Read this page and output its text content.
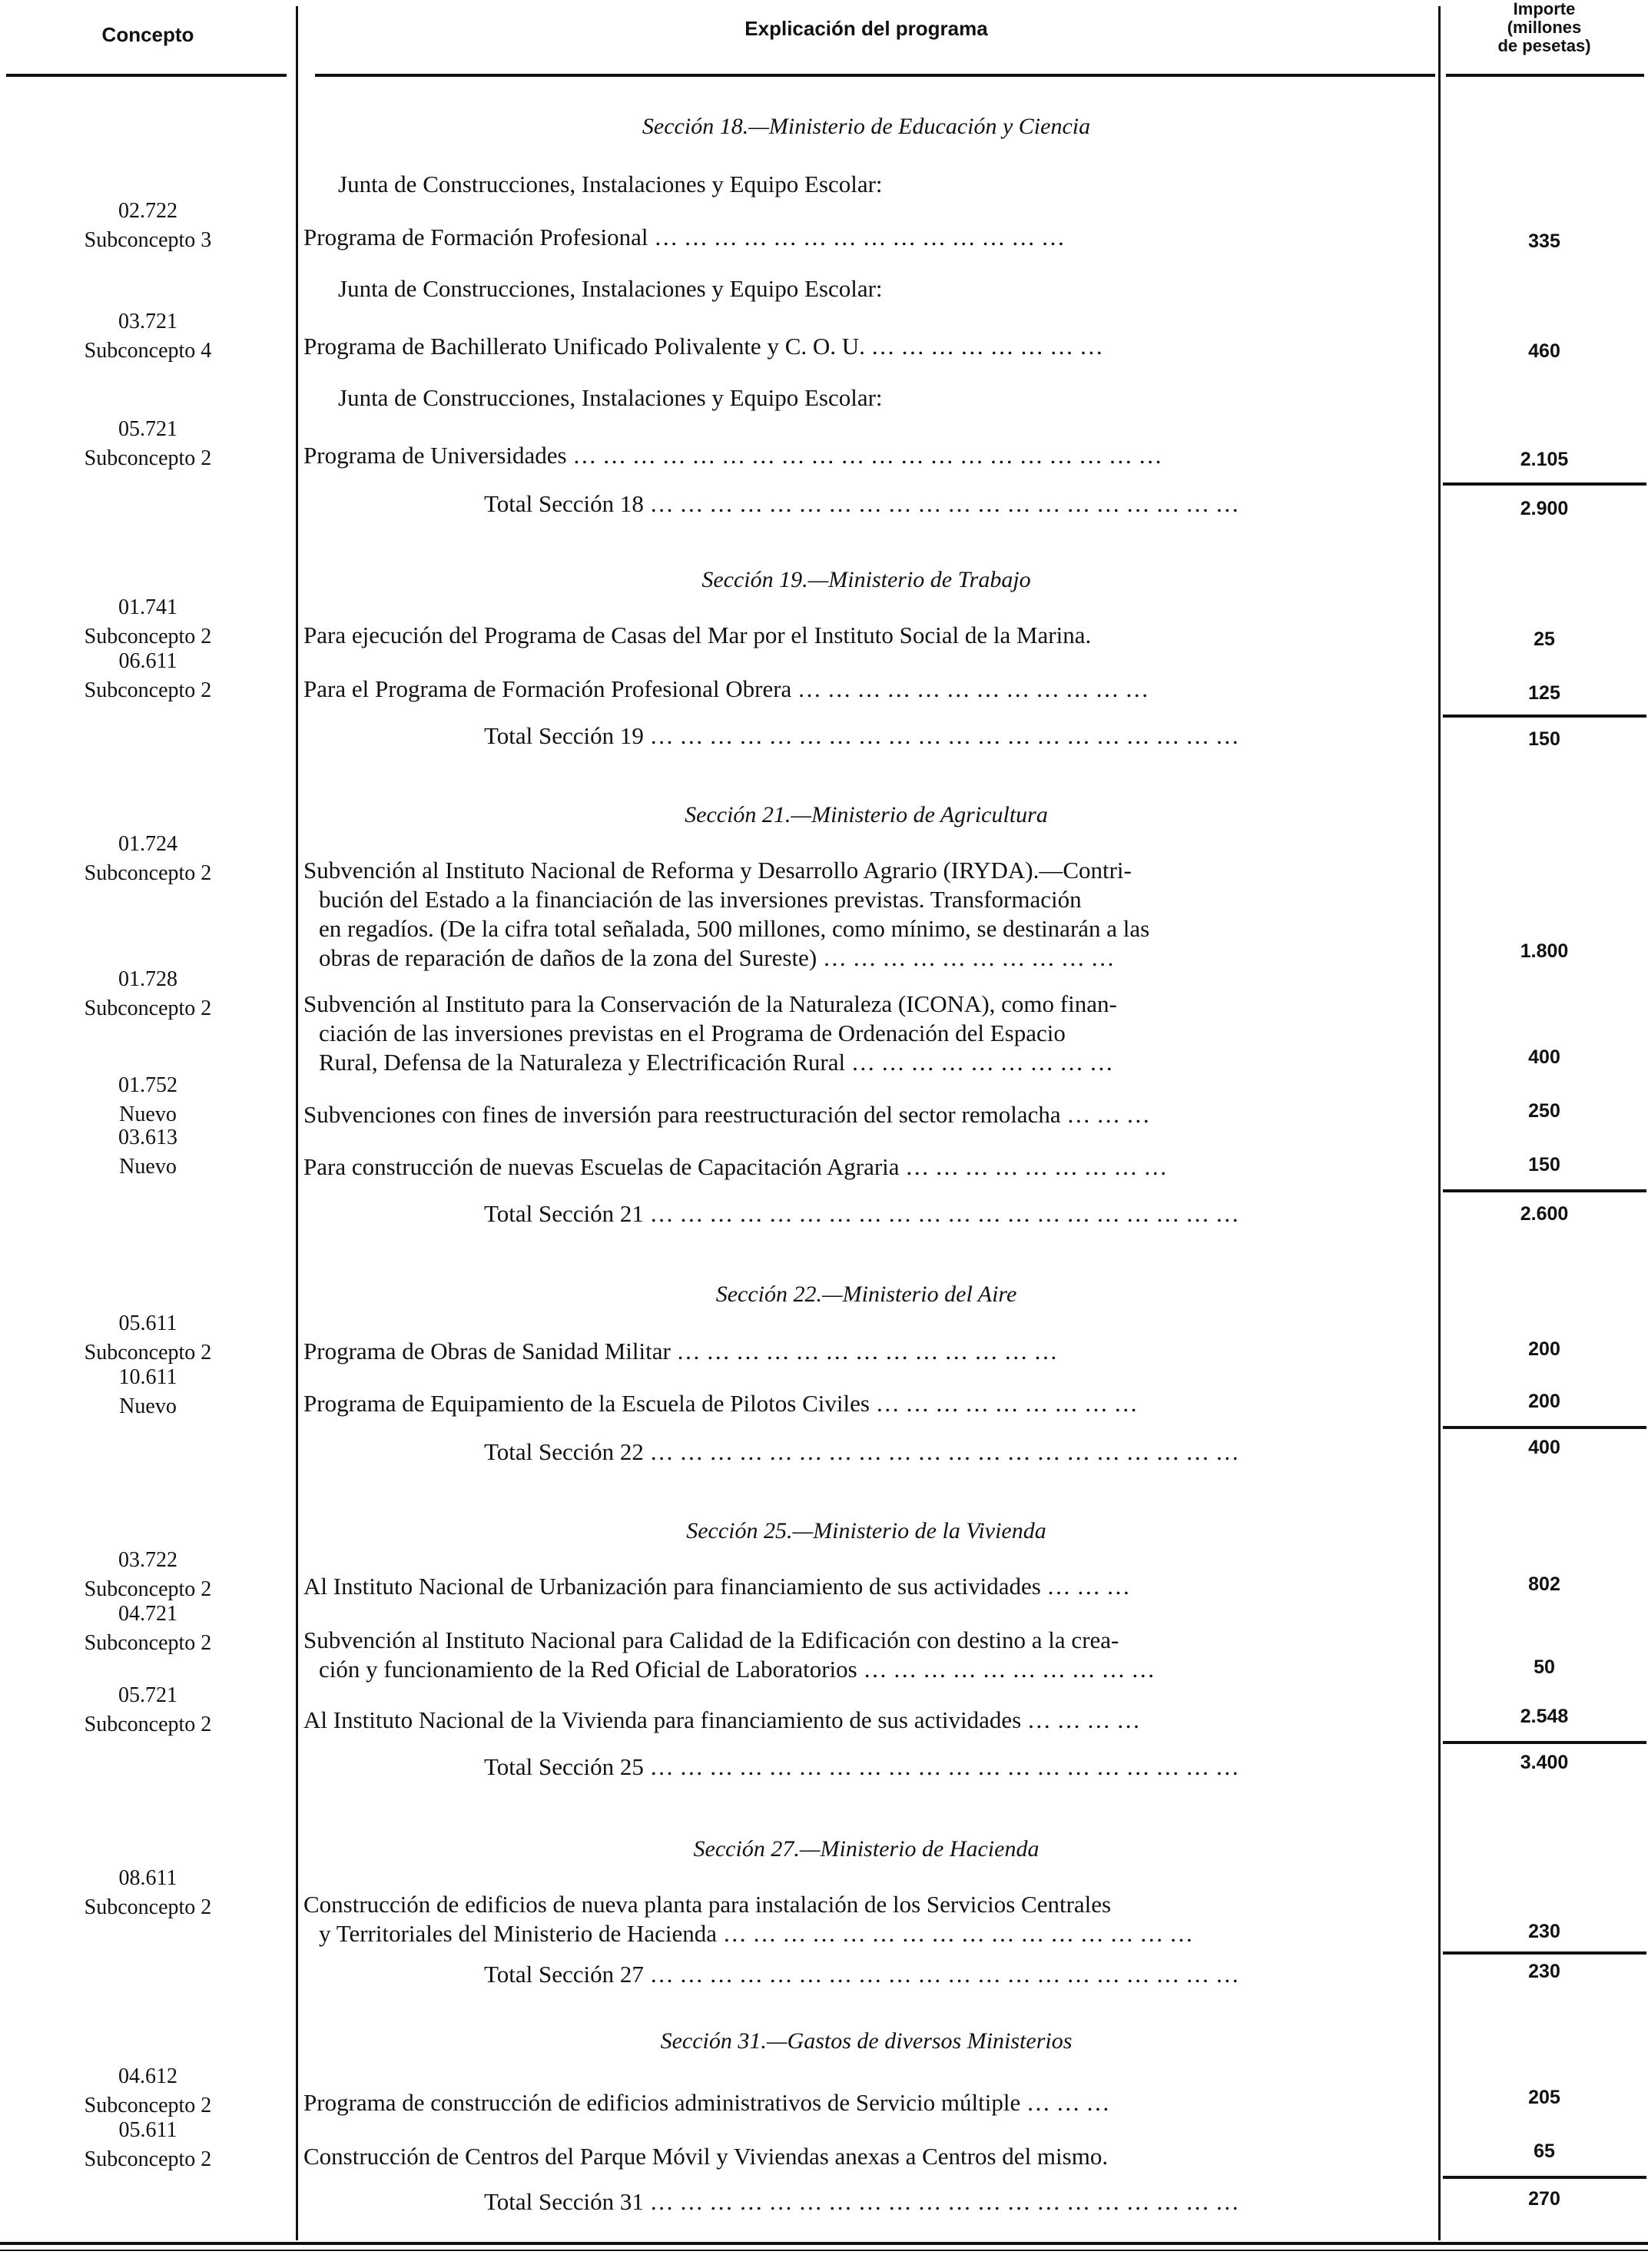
Concepto	Explicación del programa
Importe
(millones
de pesetas)
Sección 18.—Ministerio de Educación y Ciencia
Junta de Construcciones, Instalaciones y Equipo Escolar:
02.722
Subconcepto 3	Programa de Formación Profesional … … … … … … … … … … … … … …	335
Junta de Construcciones, Instalaciones y Equipo Escolar:
03.721
Subconcepto 4	Programa de Bachillerato Unificado Polivalente y C. O. U. … … … … … … … …	460
Junta de Construcciones, Instalaciones y Equipo Escolar:
05.721
Subconcepto 2	Programa de Universidades … … … … … … … … … … … … … … … … … … … …	2.105
Total Sección 18 … … … … … … … … … … … … … … … … … … … …	2.900
Sección 19.—Ministerio de Trabajo
01.741
Subconcepto 2	Para ejecución del Programa de Casas del Mar por el Instituto Social de la Marina.	25
06.611
Subconcepto 2	Para el Programa de Formación Profesional Obrera … … … … … … … … … … … …	125
Total Sección 19 … … … … … … … … … … … … … … … … … … … …	150
Sección 21.—Ministerio de Agricultura
01.724
Subconcepto 2	Subvención al Instituto Nacional de Reforma y Desarrollo Agrario (IRYDA).—Contri-
bución del Estado a la financiación de las inversiones previstas. Transformación
en regadíos. (De la cifra total señalada, 500 millones, como mínimo, se destinarán a las
obras de reparación de daños de la zona del Sureste) … … … … … … … … … …	1.800
01.728
Subconcepto 2	Subvención al Instituto para la Conservación de la Naturaleza (ICONA), como finan-
ciación de las inversiones previstas en el Programa de Ordenación del Espacio
Rural, Defensa de la Naturaleza y Electrificación Rural … … … … … … … … …	400
01.752
Nuevo	Subvenciones con fines de inversión para reestructuración del sector remolacha … … …	250
03.613
Nuevo	Para construcción de nuevas Escuelas de Capacitación Agraria … … … … … … … … …	150
Total Sección 21 … … … … … … … … … … … … … … … … … … … …	2.600
Sección 22.—Ministerio del Aire
05.611
Subconcepto 2	Programa de Obras de Sanidad Militar … … … … … … … … … … … … …	200
10.611
Nuevo	Programa de Equipamiento de la Escuela de Pilotos Civiles … … … … … … … … …	200
Total Sección 22 … … … … … … … … … … … … … … … … … … … …	400
Sección 25.—Ministerio de la Vivienda
03.722
Subconcepto 2	Al Instituto Nacional de Urbanización para financiamiento de sus actividades … … …	802
04.721
Subconcepto 2	Subvención al Instituto Nacional para Calidad de la Edificación con destino a la crea-
ción y funcionamiento de la Red Oficial de Laboratorios … … … … … … … … … …	50
05.721
Subconcepto 2	Al Instituto Nacional de la Vivienda para financiamiento de sus actividades … … … …	2.548
Total Sección 25 … … … … … … … … … … … … … … … … … … … …	3.400
Sección 27.—Ministerio de Hacienda
08.611
Subconcepto 2	Construcción de edificios de nueva planta para instalación de los Servicios Centrales
y Territoriales del Ministerio de Hacienda … … … … … … … … … … … … … … … …	230
Total Sección 27 … … … … … … … … … … … … … … … … … … … …	230
Sección 31.—Gastos de diversos Ministerios
04.612
Subconcepto 2	Programa de construcción de edificios administrativos de Servicio múltiple … … …	205
05.611
Subconcepto 2	Construcción de Centros del Parque Móvil y Viviendas anexas a Centros del mismo.	65
Total Sección 31 … … … … … … … … … … … … … … … … … … … …	270
